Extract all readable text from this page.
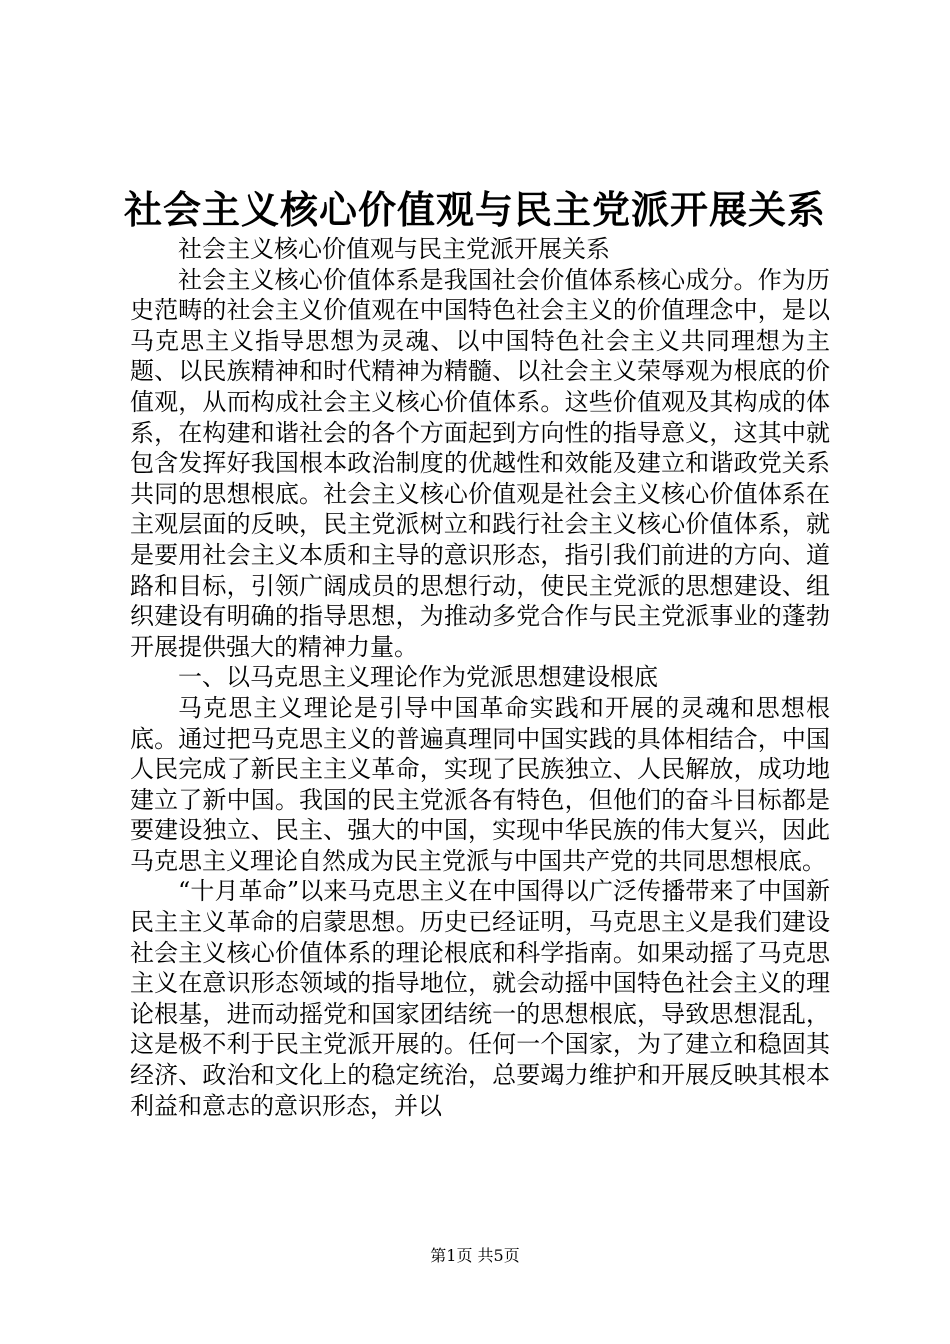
社会主义核心价值观与民主党派开展关系

社会主义核心价值观与民主党派开展关系

社会主义核心价值体系是我国社会价值体系核心成分。作为历史范畴的社会主义价值观在中国特色社会主义的价值理念中，是以马克思主义指导思想为灵魂、以中国特色社会主义共同理想为主题、以民族精神和时代精神为精髓、以社会主义荣辱观为根底的价值观，从而构成社会主义核心价值体系。这些价值观及其构成的体系，在构建和谐社会的各个方面起到方向性的指导意义，这其中就包含发挥好我国根本政治制度的优越性和效能及建立和谐政党关系共同的思想根底。社会主义核心价值观是社会主义核心价值体系在主观层面的反映，民主党派树立和践行社会主义核心价值体系，就是要用社会主义本质和主导的意识形态，指引我们前进的方向、道路和目标，引领广阔成员的思想行动，使民主党派的思想建设、组织建设有明确的指导思想，为推动多党合作与民主党派事业的蓬勃开展提供强大的精神力量。

一、以马克思主义理论作为党派思想建设根底

马克思主义理论是引导中国革命实践和开展的灵魂和思想根底。通过把马克思主义的普遍真理同中国实践的具体相结合，中国人民完成了新民主主义革命，实现了民族独立、人民解放，成功地建立了新中国。我国的民主党派各有特色，但他们的奋斗目标都是要建设独立、民主、强大的中国，实现中华民族的伟大复兴，因此马克思主义理论自然成为民主党派与中国共产党的共同思想根底。

“十月革命”以来马克思主义在中国得以广泛传播带来了中国新民主主义革命的启蒙思想。历史已经证明，马克思主义是我们建设社会主义核心价值体系的理论根底和科学指南。如果动摇了马克思主义在意识形态领域的指导地位，就会动摇中国特色社会主义的理论根基，进而动摇党和国家团结统一的思想根底，导致思想混乱，这是极不利于民主党派开展的。任何一个国家，为了建立和稳固其经济、政治和文化上的稳定统治，总要竭力维护和开展反映其根本利益和意志的意识形态，并以

第1页 共5页
